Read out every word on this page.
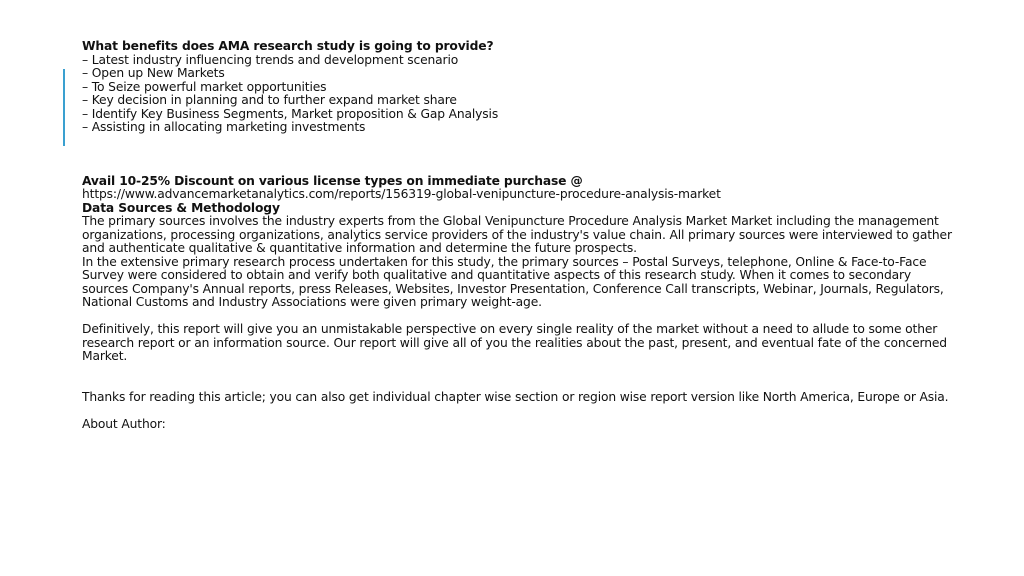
What benefits does AMA research study is going to provide?
– Latest industry influencing trends and development scenario
– Open up New Markets
– To Seize powerful market opportunities
– Key decision in planning and to further expand market share
– Identify Key Business Segments, Market proposition & Gap Analysis
– Assisting in allocating marketing investments
Avail 10-25% Discount on various license types on immediate purchase @
https://www.advancemarketanalytics.com/reports/156319-global-venipuncture-procedure-analysis-market
Data Sources & Methodology
The primary sources involves the industry experts from the Global Venipuncture Procedure Analysis Market Market including the management organizations, processing organizations, analytics service providers of the industry's value chain. All primary sources were interviewed to gather and authenticate qualitative & quantitative information and determine the future prospects.
In the extensive primary research process undertaken for this study, the primary sources – Postal Surveys, telephone, Online & Face-to-Face Survey were considered to obtain and verify both qualitative and quantitative aspects of this research study. When it comes to secondary sources Company's Annual reports, press Releases, Websites, Investor Presentation, Conference Call transcripts, Webinar, Journals, Regulators, National Customs and Industry Associations were given primary weight-age.
Definitively, this report will give you an unmistakable perspective on every single reality of the market without a need to allude to some other research report or an information source. Our report will give all of you the realities about the past, present, and eventual fate of the concerned Market.
Thanks for reading this article; you can also get individual chapter wise section or region wise report version like North America, Europe or Asia.
About Author:
